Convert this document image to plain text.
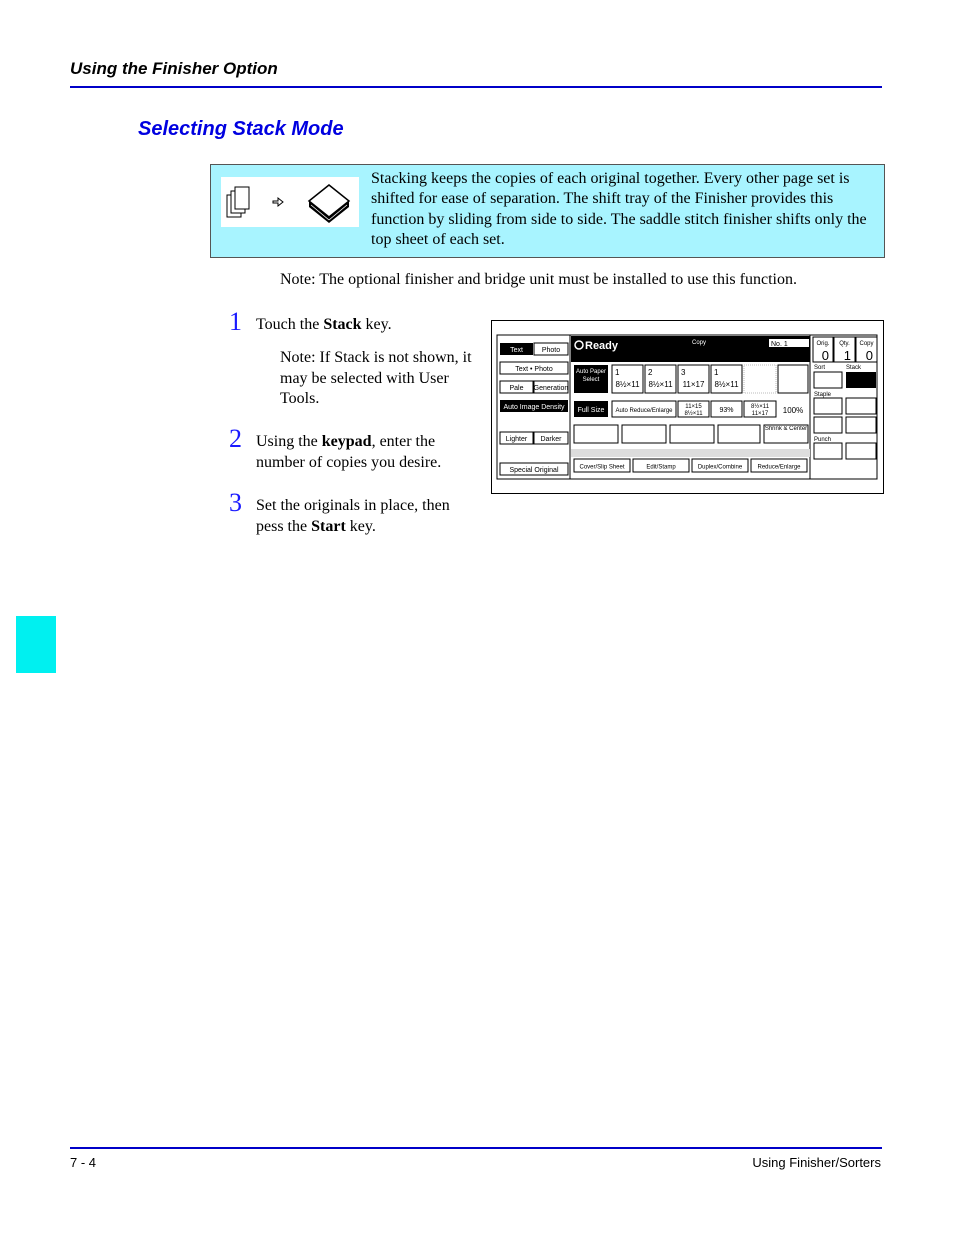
Using the Finisher Option
Selecting Stack Mode
Stacking keeps the copies of each original together. Every other page set is shifted for ease of separation. The shift tray of the Finisher provides this function by sliding from side to side. The saddle stitch finisher shifts only the top sheet of each set.
Note: The optional finisher and bridge unit must be installed to use this function.
1 Touch the Stack key.
Note: If Stack is not shown, it may be selected with User Tools.
2 Using the keypad, enter the number of copies you desire.
3 Set the originals in place, then pess the Start key.
Text	Photo
Text • Photo
Pale Generation
Auto Image Density
Lighter Darker
Special Original
Ready	Copy	No. 1	Orig.
0
Qty.
1
Copy
0
Auto Paper Select
1
8½×11
2
8½×11
3
11×17
1
8½×11
Full Size Auto Reduce/Enlarge
11×15
8½×11 93%	8½×11
11×17 100%
Shrink & Center
Cover/Slip Sheet	Edit/Stamp	Duplex/Combine	Reduce/Enlarge
Sort	Stack
Staple
Punch
7 - 4	Using Finisher/Sorters
